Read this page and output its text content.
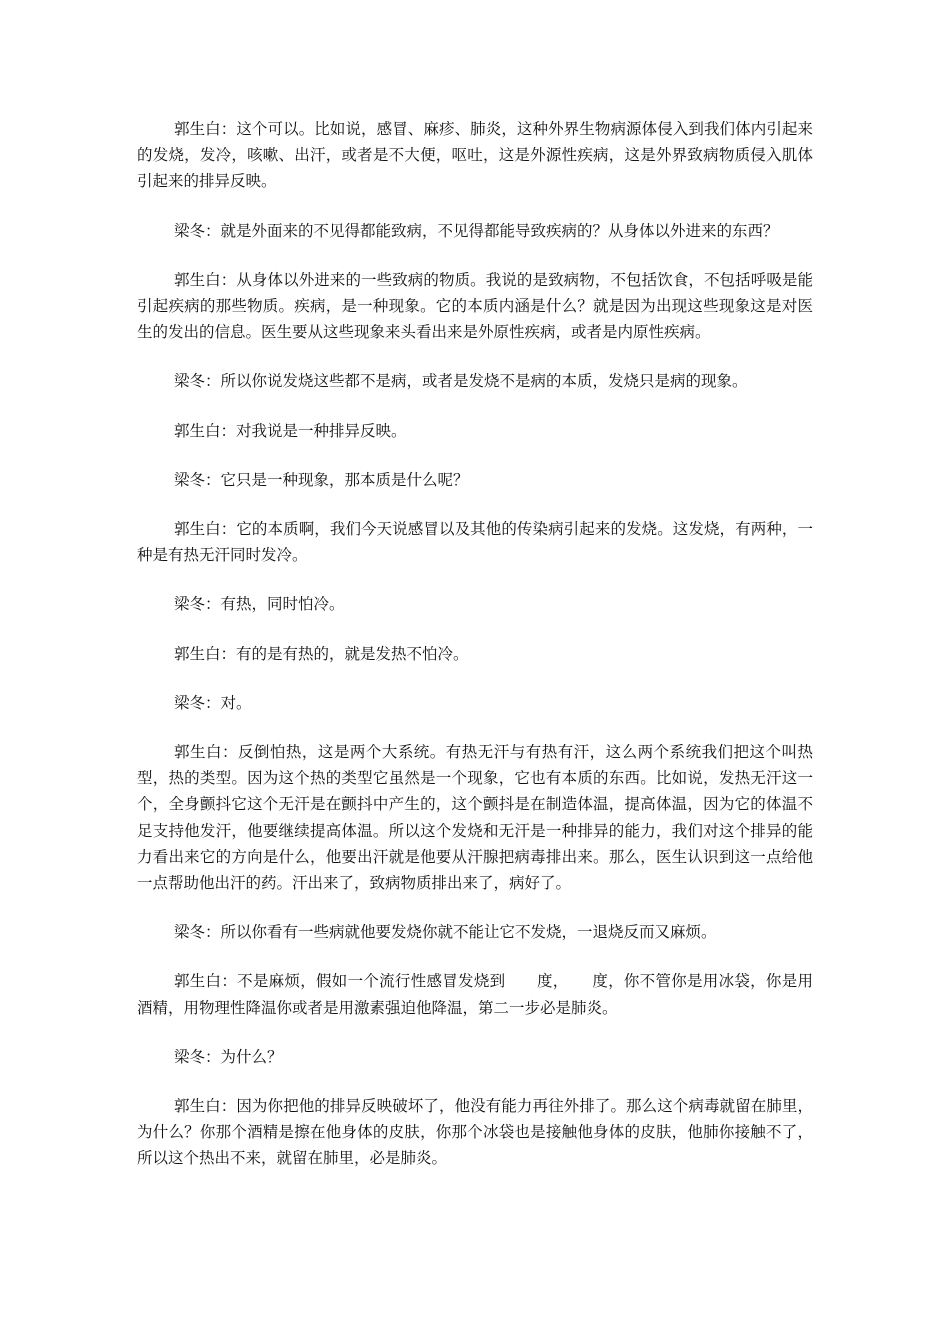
郭生白：这个可以。比如说，感冒、麻疹、肺炎，这种外界生物病源体侵入到我们体内引起来的发烧，发冷，咳嗽、出汗，或者是不大便，呕吐，这是外源性疾病，这是外界致病物质侵入肌体引起来的排异反映。

梁冬：就是外面来的不见得都能致病，不见得都能导致疾病的？从身体以外进来的东西？

郭生白：从身体以外进来的一些致病的物质。我说的是致病物，不包括饮食，不包括呼吸是能引起疾病的那些物质。疾病，是一种现象。它的本质内涵是什么？就是因为出现这些现象这是对医生的发出的信息。医生要从这些现象来头看出来是外原性疾病，或者是内原性疾病。

梁冬：所以你说发烧这些都不是病，或者是发烧不是病的本质，发烧只是病的现象。

郭生白：对我说是一种排异反映。

梁冬：它只是一种现象，那本质是什么呢？

郭生白：它的本质啊，我们今天说感冒以及其他的传染病引起来的发烧。这发烧，有两种，一种是有热无汗同时发冷。

梁冬：有热，同时怕冷。

郭生白：有的是有热的，就是发热不怕冷。

梁冬：对。

郭生白：反倒怕热，这是两个大系统。有热无汗与有热有汗，这么两个系统我们把这个叫热型，热的类型。因为这个热的类型它虽然是一个现象，它也有本质的东西。比如说，发热无汗这一个，全身颤抖它这个无汗是在颤抖中产生的，这个颤抖是在制造体温，提高体温，因为它的体温不足支持他发汗，他要继续提高体温。所以这个发烧和无汗是一种排异的能力，我们对这个排异的能力看出来它的方向是什么，他要出汗就是他要从汗腺把病毒排出来。那么，医生认识到这一点给他一点帮助他出汗的药。汗出来了，致病物质排出来了，病好了。

梁冬：所以你看有一些病就他要发烧你就不能让它不发烧，一退烧反而又麻烦。

郭生白：不是麻烦，假如一个流行性感冒发烧到　　度，　　度，你不管你是用冰袋，你是用酒精，用物理性降温你或者是用激素强迫他降温，第二一步必是肺炎。

梁冬：为什么？

郭生白：因为你把他的排异反映破坏了，他没有能力再往外排了。那么这个病毒就留在肺里，为什么？你那个酒精是擦在他身体的皮肤，你那个冰袋也是接触他身体的皮肤，他肺你接触不了，所以这个热出不来，就留在肺里，必是肺炎。
